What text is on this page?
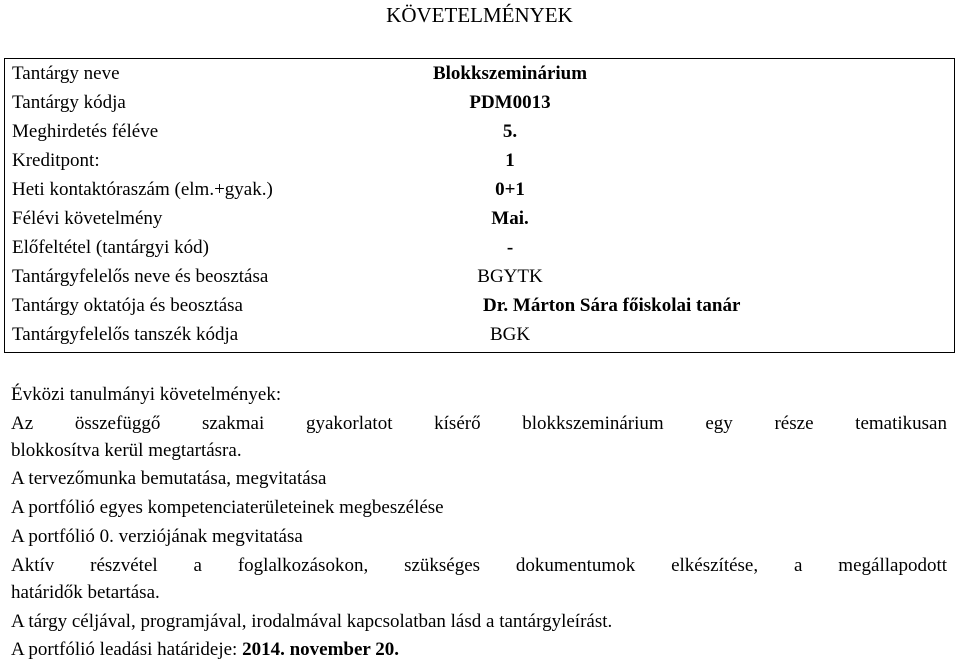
KÖVETELMÉNYEK
Tantárgy neve	Blokkszeminárium
Tantárgy kódja	PDM0013
Meghirdetés féléve	5.
Kreditpont:	1
Heti kontaktóraszám (elm.+gyak.)	0+1
Félévi követelmény	Mai.
Előfeltétel (tantárgyi kód)	-
Tantárgyfelelős neve és beosztása	BGYTK
Tantárgy oktatója és beosztása	Dr. Márton Sára főiskolai tanár
Tantárgyfelelős tanszék kódja	BGK
Évközi tanulmányi követelmények:
Az összefüggő szakmai gyakorlatot kísérő blokkszeminárium egy része tematikusan
blokkosítva kerül megtartásra.
A tervezőmunka bemutatása, megvitatása
A portfólió egyes kompetenciaterületeinek megbeszélése
A portfólió 0. verziójának megvitatása
Aktív részvétel a foglalkozásokon, szükséges dokumentumok elkészítése, a megállapodott
határidők betartása.
A tárgy céljával, programjával, irodalmával kapcsolatban lásd a tantárgyleírást.
A portfólió leadási határideje: 2014. november 20.
